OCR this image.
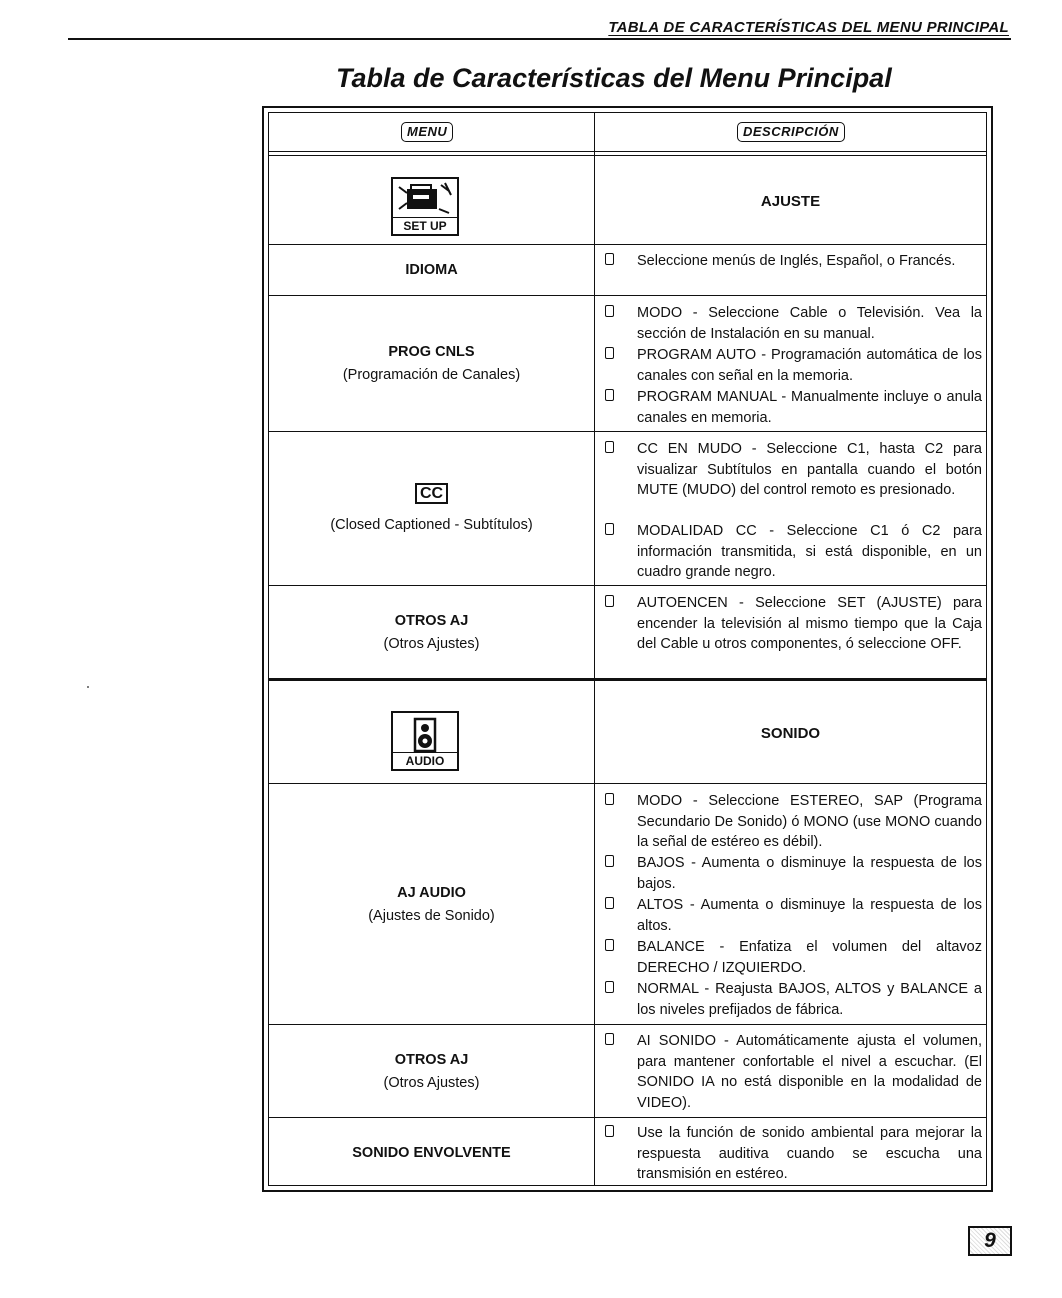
TABLA DE CARACTERÍSTICAS DEL MENU PRINCIPAL
Tabla de Características del Menu Principal
MENU	DESCRIPCIÓN
SET UP
AJUSTE
IDIOMA
Seleccione menús de Inglés, Español, o Francés.
PROG CNLS
(Programación de Canales)
MODO - Seleccione Cable o Televisión. Vea la sección de Instalación en su manual.
PROGRAM AUTO - Programación automática de los canales con señal en la memoria.
PROGRAM MANUAL - Manualmente incluye o anula canales en memoria.
CC
(Closed Captioned - Subtítulos)
CC EN MUDO - Seleccione C1, hasta C2 para visualizar Subtítulos en pantalla cuando el botón MUTE (MUDO) del control remoto es presionado.
MODALIDAD CC - Seleccione C1 ó C2 para información transmitida, si está disponible, en un cuadro grande negro.
OTROS AJ
(Otros Ajustes)
AUTOENCEN - Seleccione SET (AJUSTE) para encender la televisión al mismo tiempo que la Caja del Cable u otros componentes, ó seleccione OFF.
AUDIO
SONIDO
AJ AUDIO
(Ajustes de Sonido)
MODO - Seleccione ESTEREO, SAP (Programa Secundario De Sonido) ó MONO (use MONO cuando la señal de estéreo es débil).
BAJOS - Aumenta o disminuye la respuesta de los bajos.
ALTOS - Aumenta o disminuye la respuesta de los altos.
BALANCE - Enfatiza el volumen del altavoz DERECHO / IZQUIERDO.
NORMAL - Reajusta BAJOS, ALTOS y BALANCE a los niveles prefijados de fábrica.
OTROS AJ
(Otros Ajustes)
AI SONIDO - Automáticamente ajusta el volumen, para mantener confortable el nivel a escuchar. (El SONIDO IA no está disponible en la modalidad de VIDEO).
SONIDO ENVOLVENTE
Use la función de sonido ambiental para mejorar la respuesta auditiva cuando se escucha una transmisión en estéreo.
9
